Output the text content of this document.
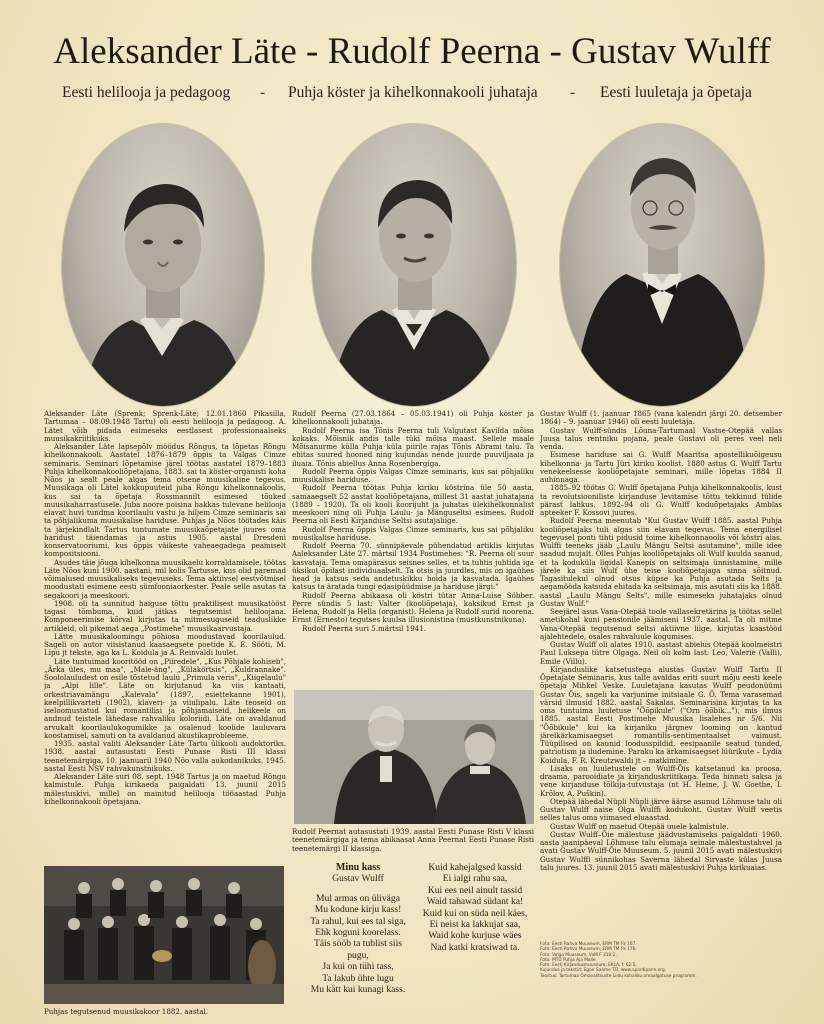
Aleksander Läte - Rudolf Peerna - Gustav Wulff
Eesti helilooja ja pedagoog - Puhja köster ja kihelkonnakooli juhataja - Eesti luuletaja ja õpetaja

Aleksander Läte (Sprenk; Sprenk-Läte; 12.01.1860 Pikasilla, Tartumaa – 08.09.1948 Tartu) oli eesti helilooja ja pedagoog. A. Lätet võib pidada esimeseks eestlasest professionaalseks muusikakriitikuks.

Aleksander Läte lapsepõlv möödus Rõngus, ta lõpetas Rõngu kihelkonnakooli. Aastatel 1876–1879 õppis ta Valgas Cimze seminaris. Seminari lõpetamise järel töötas aastatel 1879–1883 Puhja kihelkonnakooliõpetajana, 1883. sai ta köster-organisti koha Nõos ja sealt peale algas tema otsene muusikaline tegevus. Muusikaga oli Lätel kokkupuuteid juba Rõngu kihelkonnakoolis, kus sai ta õpetaja Rossmannilt esimesed tõuked muusikaharrastusele. Juba noore poisina hakkas tulevane helilooja elavat huvi tundma koorilaulu vastu ja hiljem Cimze seminaris sai ta põhjalikuma muusikalise hariduse. Puhjas ja Nõos töötades käis ta järjekindlalt Tartus tuntumate muusikaõpetajate juures oma haridust täiendamas ja astus 1905. aastal Dresdeni konservatooriumi, kus õppis väikeste vaheaegadega peamiselt kompositsiooni.

Asudes täie jõuga kihelkonna muusikaelu korraldamisele, töötas Läte Nõos kuni 1900. aastani, mil kolis Tartusse, kus olid paremad võimalused muusikaliseks tegevuseks. Tema aktiivsel eestvõtmisel moodustati esimene eesti sümfooniaorkester. Peale selle asutas ta segakoori ja meeskoori.

1908. oli ta sunnitud haiguse tõttu praktilisest muusikatööst tagasi tõmbuma, kuid jätkas tegutsemist heliloojana. Komponeerimise kõrval kirjutas ta mitmesuguseid teaduslikke artikleid, oli pikemat aega „Postimehe" muusikaarvustaja.

Lätte muusikaloomingu põhiosa moodustavad koorilaulud. Sageli on autor viisistanud kaasaegsete poetide K. E. Sööti, M. Lipu jt tekste, aga ka L. Koidula ja A. Reinvaldi luulet.

Läte tuntuimad kooritööd on „Piiredele", „Kus Põhjale kohiseb", „Ärka üles, mu maa", „Male-äng", „Külakörtsis", „Kuldrannake". Soololauludest on esile tõstetud laulu „Primula veris", „Kiigelaulu" ja „Alpi lille". Läte on kirjutanud ka viis kantaati, orkestriavamängu „Kalevala" (1897, esiettekanne 1901), keelpillikvarteti (1902), klaveri- ja viiulipalu. Läte teoseid on iseloomustatud kui romantilisi ja põhjamaiseid, helikeele on andnud teistele lähedase rahvaliku koloriidi. Läte on avaldanud arvukalt koorilaulukogumikke ja osalenud koolide lauluvara koostamisel, samuti on ta avaldanud akustikaprobleeme.

1935. aastal valiti Aleksander Läte Tartu ülikooli audoktoriks. 1938. aastal autasustati Eesti Punase Risti III klassi teenetemärgiga, 10. jaanuaril 1940 Nõo valla aukodanikuks. 1945. aastal Eesti NSV rahvakunstnikuks.

Aleksander Läte suri 08. sept. 1948 Tartus ja on maetud Rõngu kalmistule. Puhja kirikaeda paigaldati 13. juunil 2015 mälestuskivi, millel on mainitud helilooja tööaastad Puhja kihelkonnakooli õpetajana.

Rudolf Peerna (27.03.1864 – 05.03.1941) oli Puhja köster ja kihelkonnakooli juhataja.

Rudolf Peerna isa Tõnis Peerna tuli Valgutast Kavilda mõisa kokaks. Mõisnik andis talle tüki mõisa maast. Sellele maale Mõisanurme külla Puhja küla piirile rajas Tõnis Abrami talu. Ta ehitas suured hooned ning kujundas nende juurde puuviljaaia ja iluaia. Tõnis abiellus Anna Rosenbergiga.

Rudolf Peerna õppis Valgas Cimze seminaris, kus sai põhjaliku muusikalise hariduse.

Rudolf Peerna töötas Puhja kiriku köstrina üle 50 aasta, samaaegselt 52 aastat kooliõpetajana, millest 31 aastat juhatajana (1889 – 1920). Ta oli kooli koorijuht ja juhatas ülekihelkonnalist meeskoori ning oli Puhja Laulu- ja Mänguseltsi esimees. Rudolf Peerna oli Eesti Kirjanduse Seltsi asutajaliige.

Rudolf Peerna õppis Valgas Cimze seminaris, kus sai põhjaliku muusikalise hariduse.

Rudolf Peerna 70. sünnipäevale pühendatud artiklis kirjutas Aaleksander Läte 27. märtsil 1934 Postimehes: "R. Peerna oli suur kasvataja. Tema omapärasus seisnes selles, et ta tuhtis juhtida iga üksikut õpilast individuaalselt. Ta otsis ja juurdles, mis on igaühes head ja katsus seda andetuskikku hoida ja kasvatada. Igaühes katsus ta äratada tungi edasipüüdmise ja hariduse järgi."

Rudolf Peerna abikaasa oli köstri tütar Anna-Luise Söbber. Perre sündis 5 last: Valter (kooliõpetaja), kaksikud Ernst ja Helena, Rudolf ja Hella (organist). Helena ja Rudolf surid noorena. Ernst (Ernesto) tegutses kuulsa illusionistina (mustkunstnikuna).

Rudolf Peerna suri 5.märtsil 1941.

Gustav Wulff (1. jaanuar 1865 (vana kalendri järgi 20. detsember 1864) – 9. jaanuar 1946) oli eesti luuletaja.

Gustav Wulff-sündis Lõuna-Tartumaal Vastse-Otepää vallas Juusa talus rentniku pojana, peale Gustavi oli peres veel neli venda.

Esimese hariduse sai G. Wulff Maaritsa apostellikuõigeusu kihelkonna- ja Tartu Jüri kiriku koolist. 1880 astus G. Wulff Tartu venekeelsesse kooliõpetajate seminari, mille lõpetas 1884 II auhinnaga.

1885–92 töötas G. Wulff õpetajana Puhja kihelkonnakoolis, kust ta revolutsiooniliste kirjanduse levitamise tõttu tekkinud tülide pärast lahkus. 1892–94 oli G. Wulff koduõpetajaks Amblas apteeker F. Kossovi juures.

Rudolf Peerna meenutab "Kui Gustav Wulff 1885. aastal Puhja kooliõpetajaks tuli algas siin elavam tegevus. Tema energilisel tegevusel ponti tihti pidusid toime kihelkonnaoolis või köstri aias. Wulffi teeneks jääb „Laulu Mängu Seltsi asutamine", mille idee saadud mujalt. Olles Puhjas kooliõpetajaks oli Wulf kuulda saanud, et ta koduküla ligidal Kanepis on seltsimaja ünnistamine, mille järele ka siis Wulf ühe teise kooliõpetajaga sinna sõitnud. Tagasitulekul olnud otsus küpse ka Puhja asutada Selts ja aegamööda katsuda ehitada ka seltsimaja, mis asutati siis ka 1888. aastal „Laulu Mängu Selts", mille esimeseks juhatajaks olnud Gustav Wulf."

Seejärel asus Vana-Otepää toole vallasekretärina ja töötas sellel ametikohal kuni pensionile jäämiseni 1937. aastal. Ta oli mitme Vana-Otepää tegutsenud seltsi aktiivne liige, kirjutas kaastööd ajalehtedele, osales rahvaluule kogumises.

Gustav Wulff oli alates 1910. aastast abielus Otepää koolmeistri Paul Luksepa tütre Olgaga. Neil oli kolm last: Leo, Valerie (Valli), Emile (Villu).

Kirjanduslike katsetustega alustas Gustav Wulff Tartu II Õpetajate Seminaris, kus talle avaldas eriti suurt mõju eesti keele õpetaja Mihkel Veske. Luuletajana kasutas Wulff peudonüümi Gustav Õis, sageli ka varjunime initsiaale G. Õ. Tema varasemad värsid ilmusid 1882. aastal Sakalas. Seminarisina kirjutas ta ka oma tuntuima luuletuse "Õõpikule" ("Orn õõbik..."), mis ilmus 1885. aastal Eesti Postimehe Muusika lisalehes nr 5/6. Nii "Õõbikule" kui ka kirjaniku järgnev looming on kantud järelkärkamisaegset romantilis-sentimentaalset vaimust. Tüüpilised on kaunid loodusspildid, eesipaanile seatud tunded, patriotism ja iludemine. Paraku ka ärkamisaegset lüürikute – Lydia Koidula, F. R. Kreutzwaldi jt – matkimine.

Lisaks on luuletustele on Wulff-Õis katsetanud ka proosa, draama, parooidiate ja kirjanduskriitikaga. Teda hinnati saksa ja vene kirjanduse tõlkija-tutvustaja (nt H. Heine, J. W. Goethe, I. Krõlov, A. Puškin).

Otepää lähedal Nüpli Nüpli järve äärse asunud Lõhmuse talu oli Gustav Wulff naise Olga Wulffi kodukoht. Gustav Wulff veetis selles talus oma viimased eluaastad.

Gustav Wulff on maetud Otepää uuele kalmistule.

Gustav Wulff–Õie mälestuse jäädvustamiseks paigaldati 1960. aasta jaanipäeval Lõhmuse talu elumaja seinale mälestustahvel ja avati Gustav Wulff-Õie Muuseum. 5. juunil 2015 avati mälestuskivi Gustav Wulffi sünnikohas Saverna lähedal Sirvaste külas Juusa talu juures. 13. juunil 2015 avati mälestuskivi Puhja kirikuaias.

Rudolf Peernat autasustati 1939. aastal Eesti Punase Risti V klassi teenetemärgiga ja tema abikaasat Anna Peernat Eesti Punase Risti teenetemärgi II klassiga.
Puhjas tegutsenud muusikakoor 1882. aastal.
Minu kass
Gustav Wulff
Mul armas on üliväga
Mu kodune kirju kass!
Ta rahul, kui ees tal siga,
Ehk koguni koorelass.
Täis sööb ta tublist siis
pugu,
Ja kui on tühi tass,
Ta lakub ühte lugu
Mu kätt kui kunagi kass.
Kuid kahejalgsed kassid
Ei ialgi rahu saa,
Kui ees neil ainult tassid
Waid tahawad südant ka!
Kuid kui on süda neil käes,
Ei neist ka lakkujat saa,
Waid kohe kurjuse wäes
Nad katki kratsiwad ta.	Foto: Eesti Rahva Muuseum, ERM TM Fk 167.
Foto: Eesti Rahva Muuseum, ERM TM Fk 176.
Foto: Valga Muuseum, VaM F 310:2.
Foto: MTÜ Puhja Aja Malle.
Foto: Eesti Kirjandusmuuseum, EKLA, f. 62:5.
Kujundus ja tekstid: Egon Saarne TÜ, www.spordipann.org.
Teostus: Tartumaa Omavalitsuste Liidu kohaliku omaalgatuse programm.
